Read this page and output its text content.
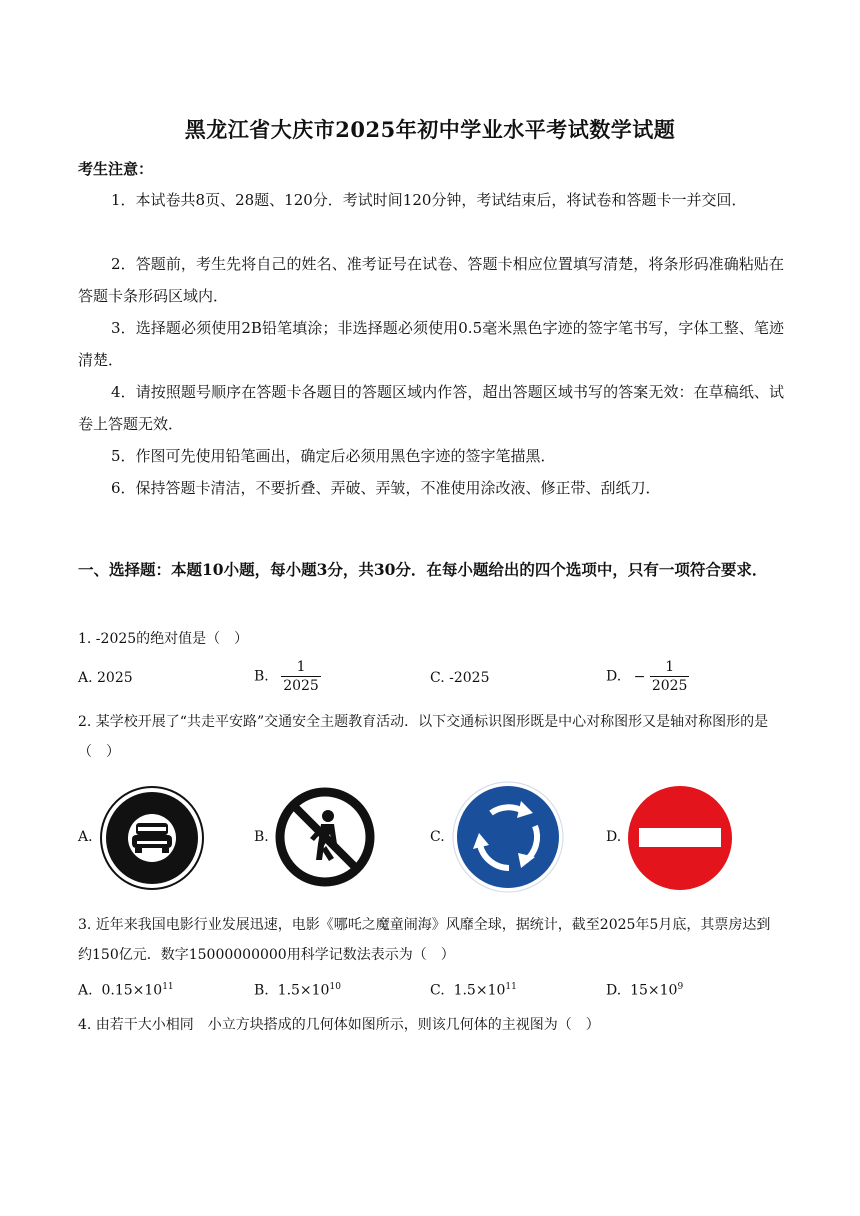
黑龙江省大庆市2025年初中学业水平考试数学试题
考生注意：

1．本试卷共8页、28题、120分．考试时间120分钟，考试结束后，将试卷和答题卡一并交回．

2．答题前，考生先将自己的姓名、准考证号在试卷、答题卡相应位置填写清楚，将条形码准确粘贴在答题卡条形码区域内．

3．选择题必须使用2B铅笔填涂；非选择题必须使用0.5毫米黑色字迹的签字笔书写，字体工整、笔迹清楚．

4．请按照题号顺序在答题卡各题目的答题区域内作答，超出答题区域书写的答案无效：在草稿纸、试卷上答题无效．

5．作图可先使用铅笔画出，确定后必须用黑色字迹的签字笔描黑．

6．保持答题卡清洁，不要折叠、弄破、弄皱，不准使用涂改液、修正带、刮纸刀．

一、选择题：本题10小题，每小题3分，共30分．在每小题给出的四个选项中，只有一项符合要求．

1. -2025的绝对值是（　）

A. 2025	B. $\frac{1}{2025}$	C. -2025	D. − $\frac{1}{2025}$

2. 某学校开展了“共走平安路”交通安全主题教育活动．以下交通标识图形既是中心对称图形又是轴对称图形的是（　）

A.	B.	C.	D.

3. 近年来我国电影行业发展迅速，电影《哪吒之魔童闹海》风靡全球，据统计，截至2025年5月底，其票房达到约150亿元．数字15000000000用科学记数法表示为（　）

A. $0.15\times 10^{11}$	B. $1.5\times 10^{10}$	C. $1.5\times 10^{11}$	D. $15\times 10^9$

4. 由若干大小相同　小立方块搭成的几何体如图所示，则该几何体的主视图为（　）
